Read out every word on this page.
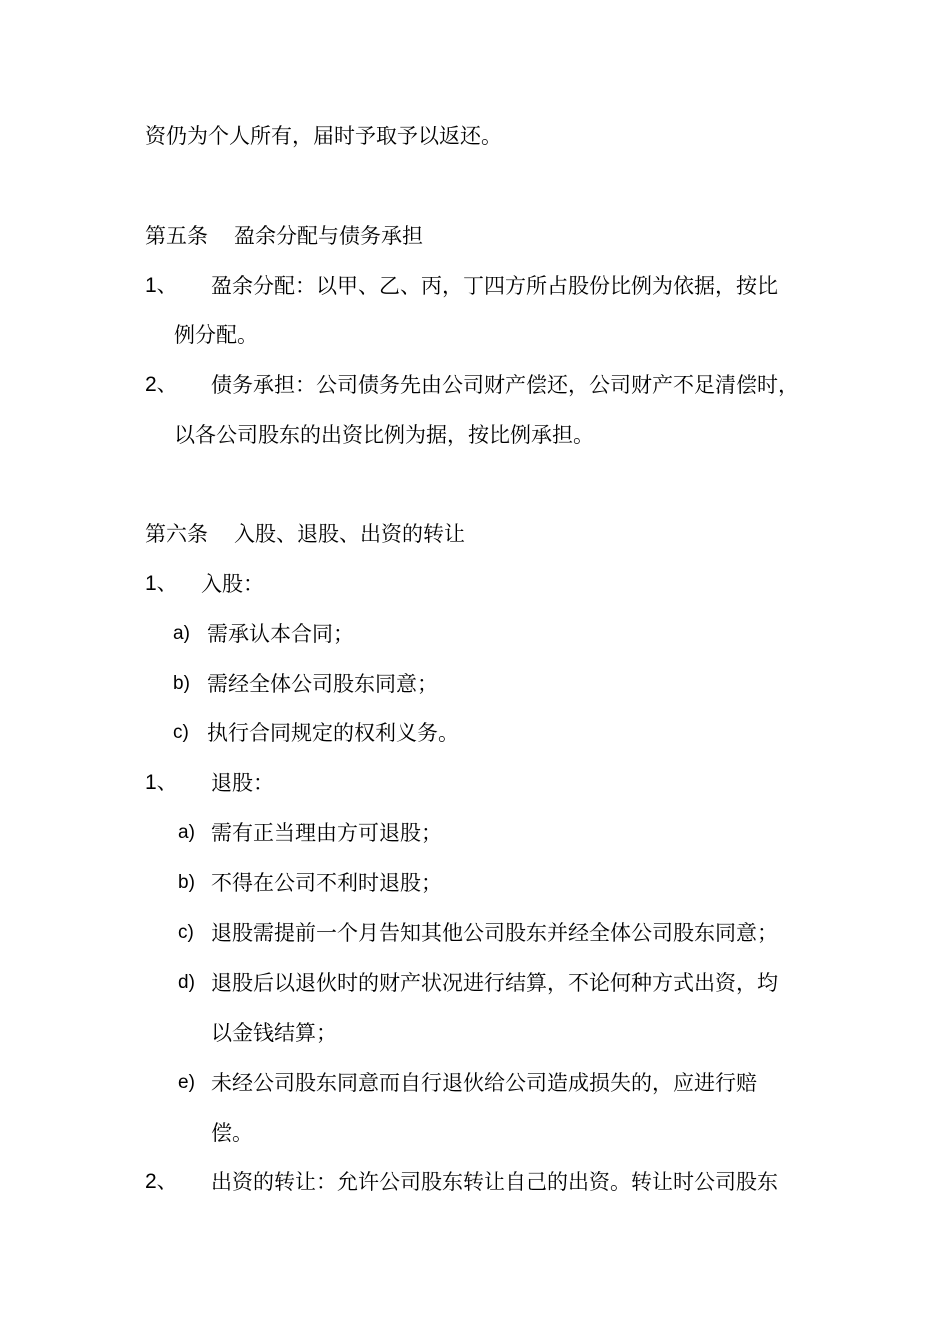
资仍为个人所有，届时予取予以返还。
第五条 盈余分配与债务承担
1、 盈余分配：以甲、乙、丙，丁四方所占股份比例为依据，按比
例分配。
2、 债务承担：公司债务先由公司财产偿还，公司财产不足清偿时，
以各公司股东的出资比例为据，按比例承担。
第六条 入股、退股、出资的转让
1、 入股：
a) 需承认本合同；
b) 需经全体公司股东同意；
c) 执行合同规定的权利义务。
1、 退股：
a) 需有正当理由方可退股；
b) 不得在公司不利时退股；
c) 退股需提前一个月告知其他公司股东并经全体公司股东同意；
d) 退股后以退伙时的财产状况进行结算，不论何种方式出资，均
以金钱结算；
e) 未经公司股东同意而自行退伙给公司造成损失的，应进行赔
偿。
2、 出资的转让：允许公司股东转让自己的出资。转让时公司股东
